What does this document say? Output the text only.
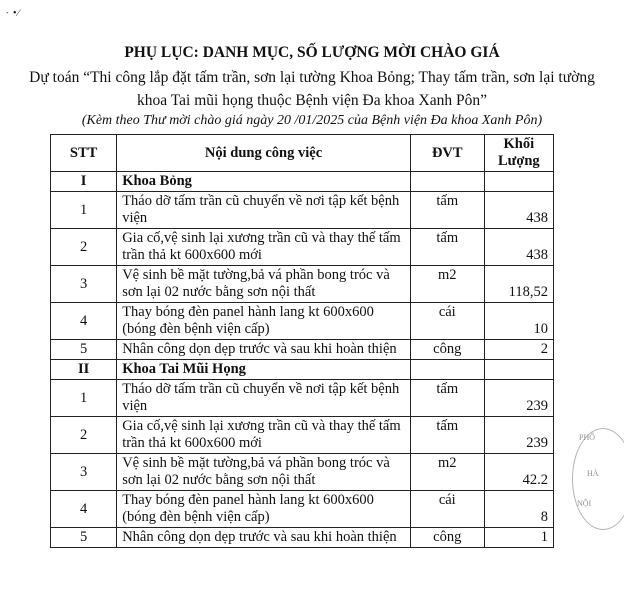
∙ •∕
PHỤ LỤC: DANH MỤC, SỐ LƯỢNG MỜI CHÀO GIÁ
Dự toán “Thi công lắp đặt tấm trần, sơn lại tường Khoa Bỏng; Thay tấm trần, sơn lại tường khoa Tai mũi họng thuộc Bệnh viện Đa khoa Xanh Pôn”
(Kèm theo Thư mời chào giá ngày 20 /01/2025 của Bệnh viện Đa khoa Xanh Pôn)
STT	Nội dung công việc	ĐVT	Khối Lượng
I	Khoa Bỏng		
1	Tháo dỡ tấm trần cũ chuyển về nơi tập kết bệnh viện	tấm	438
2	Gia cố,vệ sinh lại xương trần cũ và thay thế tấm trần thả kt 600x600 mới	tấm	438
3	Vệ sinh bề mặt tường,bả vá phần bong tróc và sơn lại 02 nước bằng sơn nội thất	m2	118,52
4	Thay bóng đèn panel hành lang kt 600x600 (bóng đèn bệnh viện cấp)	cái	10
5	Nhân công dọn dẹp trước và sau khi hoàn thiện	công	2
II	Khoa Tai Mũi Họng		
1	Tháo dỡ tấm trần cũ chuyển về nơi tập kết bệnh viện	tấm	239
2	Gia cố,vệ sinh lại xương trần cũ và thay thế tấm trần thả kt 600x600 mới	tấm	239
3	Vệ sinh bề mặt tường,bả vá phần bong tróc và sơn lại 02 nước bằng sơn nội thất	m2	42.2
4	Thay bóng đèn panel hành lang kt 600x600 (bóng đèn bệnh viện cấp)	cái	8
5	Nhân công dọn dẹp trước và sau khi hoàn thiện	công	1
PHỐ
HÀ
NỘI
